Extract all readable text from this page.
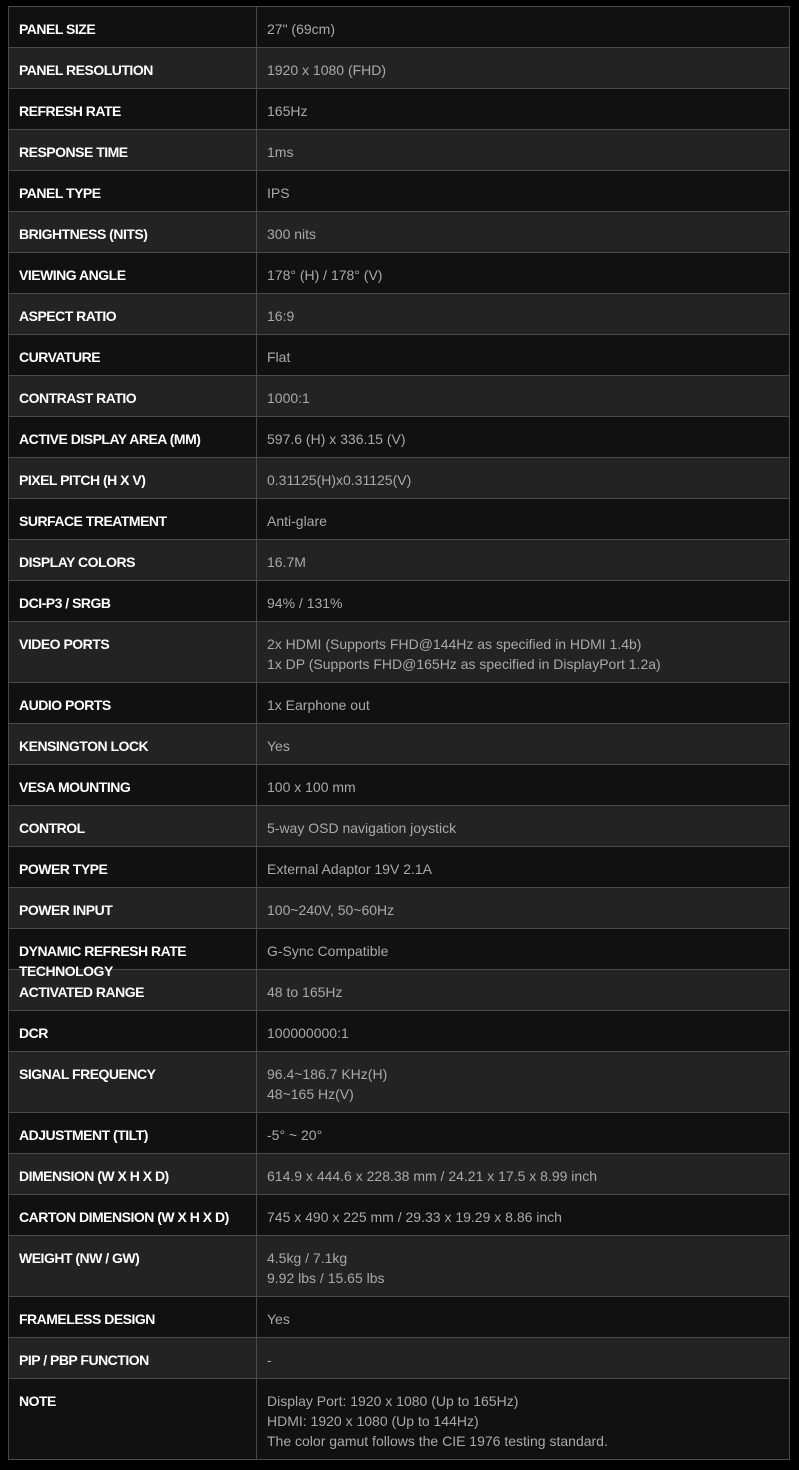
PANEL SIZE	27" (69cm)

PANEL RESOLUTION	1920 x 1080 (FHD)

REFRESH RATE	165Hz

RESPONSE TIME	1ms

PANEL TYPE	IPS

BRIGHTNESS (NITS)	300 nits

VIEWING ANGLE	178° (H) / 178° (V)

ASPECT RATIO	16:9

CURVATURE	Flat

CONTRAST RATIO	1000:1

ACTIVE DISPLAY AREA (MM)	597.6 (H) x 336.15 (V)

PIXEL PITCH (H X V)	0.31125(H)x0.31125(V)

SURFACE TREATMENT	Anti-glare

DISPLAY COLORS	16.7M

DCI-P3 / SRGB	94% / 131%

VIDEO PORTS	2x HDMI (Supports FHD@144Hz as specified in HDMI 1.4b)
1x DP (Supports FHD@165Hz as specified in DisplayPort 1.2a)

AUDIO PORTS	1x Earphone out

KENSINGTON LOCK	Yes

VESA MOUNTING	100 x 100 mm

CONTROL	5-way OSD navigation joystick

POWER TYPE	External Adaptor 19V 2.1A

POWER INPUT	100~240V, 50~60Hz

DYNAMIC REFRESH RATE TECHNOLOGY	G-Sync Compatible

ACTIVATED RANGE	48 to 165Hz

DCR	100000000:1

SIGNAL FREQUENCY	96.4~186.7 KHz(H)
48~165 Hz(V)

ADJUSTMENT (TILT)	-5° ~ 20°

DIMENSION (W X H X D)	614.9 x 444.6 x 228.38 mm / 24.21 x 17.5 x 8.99 inch

CARTON DIMENSION (W X H X D)	745 x 490 x 225 mm / 29.33 x 19.29 x 8.86 inch

WEIGHT (NW / GW)	4.5kg / 7.1kg
9.92 lbs / 15.65 lbs

FRAMELESS DESIGN	Yes

PIP / PBP FUNCTION	-

NOTE	Display Port: 1920 x 1080 (Up to 165Hz)
HDMI: 1920 x 1080 (Up to 144Hz)
The color gamut follows the CIE 1976 testing standard.
